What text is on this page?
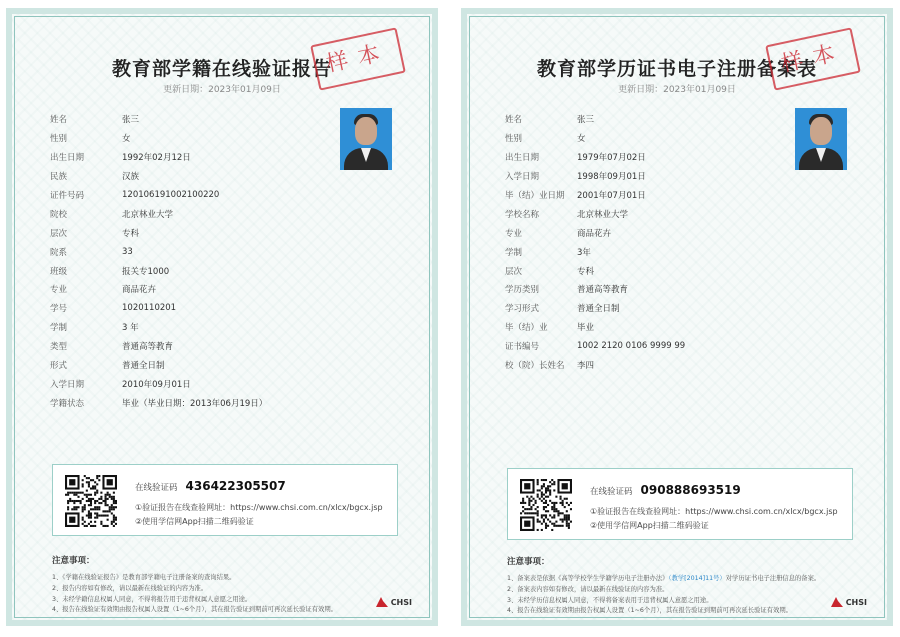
教育部学籍在线验证报告
更新日期：2023年01月09日
样本
姓名	张三
性别	女
出生日期	1992年02月12日
民族	汉族
证件号码	120106191002100220
院校	北京林业大学
层次	专科
院系	33
班级	报关专1000
专业	商品花卉
学号	1020110201
学制	3 年
类型	普通高等教育
形式	普通全日制
入学日期	2010年09月01日
学籍状态	毕业（毕业日期：2013年06月19日）
在线验证码 436422305507
①验证报告在线查验网址：https://www.chsi.com.cn/xlcx/bgcx.jsp
②使用学信网App扫描二维码验证
注意事项：
1、《学籍在线验证报告》是教育部学籍电子注册备案的查询结果。
2、报告内容如有修改，请以最新在线验证的内容为准。
3、未经学籍信息权属人同意，不得将报告用于违背权属人意愿之用途。
4、报告在线验证有效期由报告权属人设置（1~6个月），其在报告验证到期前可再次延长验证有效期。
CHSI
教育部学历证书电子注册备案表
更新日期：2023年01月09日
样本
姓名	张三
性别	女
出生日期	1979年07月02日
入学日期	1998年09月01日
毕（结）业日期	2001年07月01日
学校名称	北京林业大学
专业	商品花卉
学制	3年
层次	专科
学历类别	普通高等教育
学习形式	普通全日制
毕（结）业	毕业
证书编号	1002 2120 0106 9999 99
校（院）长姓名	李四
在线验证码 090888693519
①验证报告在线查验网址：https://www.chsi.com.cn/xlcx/bgcx.jsp
②使用学信网App扫描二维码验证
注意事项：
1、备案表是依据《高等学校学生学籍学历电子注册办法》（教学[2014]11号）对学历证书电子注册信息的备案。
2、备案表内容如有修改，请以最新在线验证的内容为准。
3、未经学历信息权属人同意，不得将备案表用于违背权属人意愿之用途。
4、报告在线验证有效期由报告权属人设置（1~6个月），其在报告验证到期前可再次延长验证有效期。
CHSI
